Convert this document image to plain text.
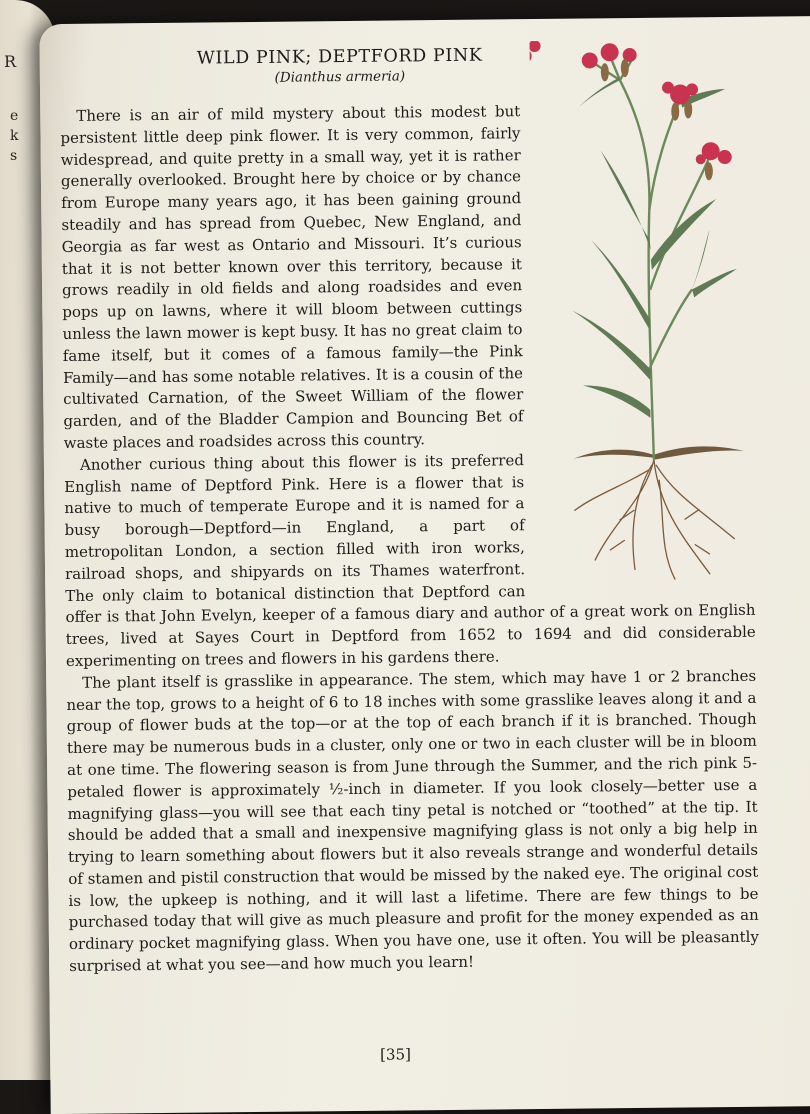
R
e
k
s
WILD PINK; DEPTFORD PINK
(Dianthus armeria)

There is an air of mild mystery about this modest but persistent little deep pink flower. It is very common, fairly widespread, and quite pretty in a small way, yet it is rather generally overlooked. Brought here by choice or by chance from Europe many years ago, it has been gaining ground steadily and has spread from Quebec, New England, and Georgia as far west as Ontario and Missouri. It’s curious that it is not better known over this territory, because it grows readily in old fields and along roadsides and even pops up on lawns, where it will bloom between cuttings unless the lawn mower is kept busy. It has no great claim to fame itself, but it comes of a famous family—the Pink Family—and has some notable relatives. It is a cousin of the cultivated Carnation, of the Sweet William of the flower garden, and of the Bladder Campion and Bouncing Bet of waste places and roadsides across this country.

Another curious thing about this flower is its preferred English name of Deptford Pink. Here is a flower that is native to much of temperate Europe and it is named for a busy borough—Deptford—in England, a part of metropolitan London, a section filled with iron works, railroad shops, and shipyards on its Thames waterfront. The only claim to botanical distinction that Deptford can offer is that John Evelyn, keeper of a famous diary and author of a great work on English trees, lived at Sayes Court in Deptford from 1652 to 1694 and did considerable experimenting on trees and flowers in his gardens there.

The plant itself is grasslike in appearance. The stem, which may have 1 or 2 branches near the top, grows to a height of 6 to 18 inches with some grasslike leaves along it and a group of flower buds at the top—or at the top of each branch if it is branched. Though there may be numerous buds in a cluster, only one or two in each cluster will be in bloom at one time. The flowering season is from June through the Summer, and the rich pink 5-petaled flower is approximately ½-inch in diameter. If you look closely—better use a magnifying glass—you will see that each tiny petal is notched or “toothed” at the tip. It should be added that a small and inexpensive magnifying glass is not only a big help in trying to learn something about flowers but it also reveals strange and wonderful details of stamen and pistil construction that would be missed by the naked eye. The original cost is low, the upkeep is nothing, and it will last a lifetime. There are few things to be purchased today that will give as much pleasure and profit for the money expended as an ordinary pocket magnifying glass. When you have one, use it often. You will be pleasantly surprised at what you see—and how much you learn!

[35]
